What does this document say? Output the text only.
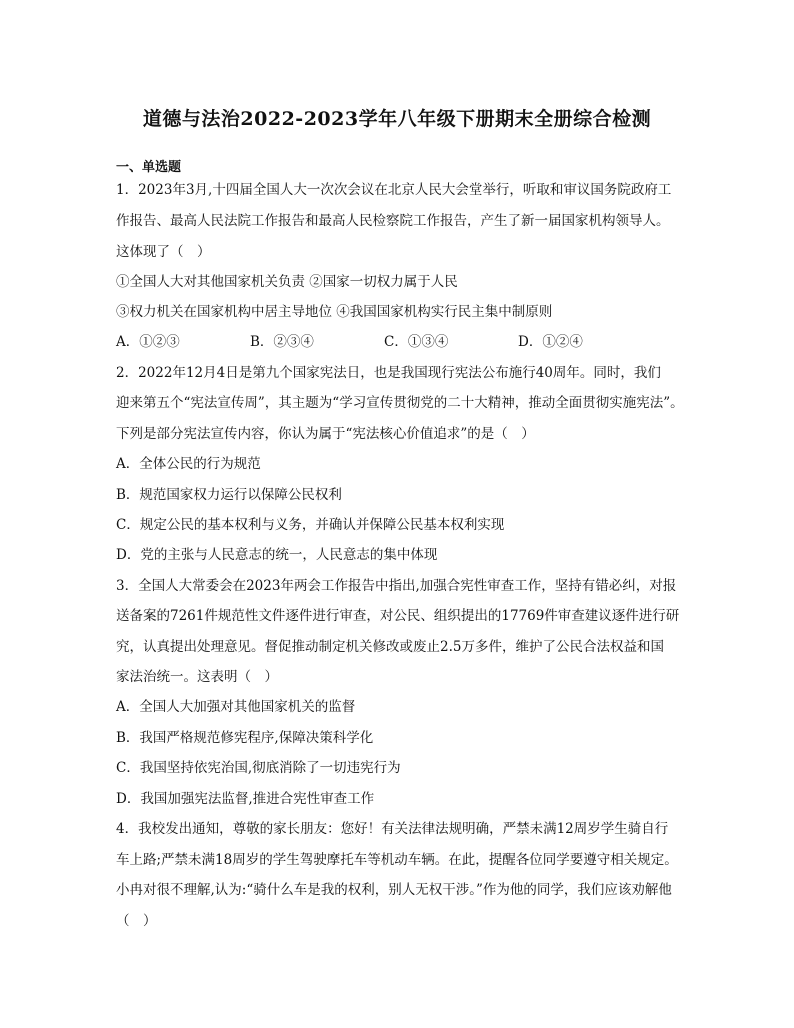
道德与法治2022-2023学年八年级下册期末全册综合检测
一、单选题
1．2023年3月,十四届全国人大一次次会议在北京人民大会堂举行，听取和审议国务院政府工
作报告、最高人民法院工作报告和最高人民检察院工作报告，产生了新一届国家机构领导人。
这体现了（　）
①全国人大对其他国家机关负责 ②国家一切权力属于人民
③权力机关在国家机构中居主导地位 ④我国国家机构实行民主集中制原则
A．①②③	B．②③④	C．①③④	D．①②④
2．2022年12月4日是第九个国家宪法日，也是我国现行宪法公布施行40周年。同时，我们
迎来第五个“宪法宣传周”，其主题为“学习宣传贯彻党的二十大精神，推动全面贯彻实施宪法”。
下列是部分宪法宣传内容，你认为属于“宪法核心价值追求”的是（　）
A．全体公民的行为规范
B．规范国家权力运行以保障公民权利
C．规定公民的基本权利与义务，并确认并保障公民基本权利实现
D．党的主张与人民意志的统一，人民意志的集中体现
3．全国人大常委会在2023年两会工作报告中指出,加强合宪性审查工作，坚持有错必纠，对报
送备案的7261件规范性文件逐件进行审查，对公民、组织提出的17769件审查建议逐件进行研
究，认真提出处理意见。督促推动制定机关修改或废止2.5万多件，维护了公民合法权益和国
家法治统一。这表明（　）
A．全国人大加强对其他国家机关的监督
B．我国严格规范修宪程序,保障决策科学化
C．我国坚持依宪治国,彻底消除了一切违宪行为
D．我国加强宪法监督,推进合宪性审查工作
4．我校发出通知，尊敬的家长朋友：您好！有关法律法规明确，严禁未满12周岁学生骑自行
车上路;严禁未满18周岁的学生驾驶摩托车等机动车辆。在此，提醒各位同学要遵守相关规定。
小冉对很不理解,认为:“骑什么车是我的权利，别人无权干涉。”作为他的同学，我们应该劝解他
（　）
